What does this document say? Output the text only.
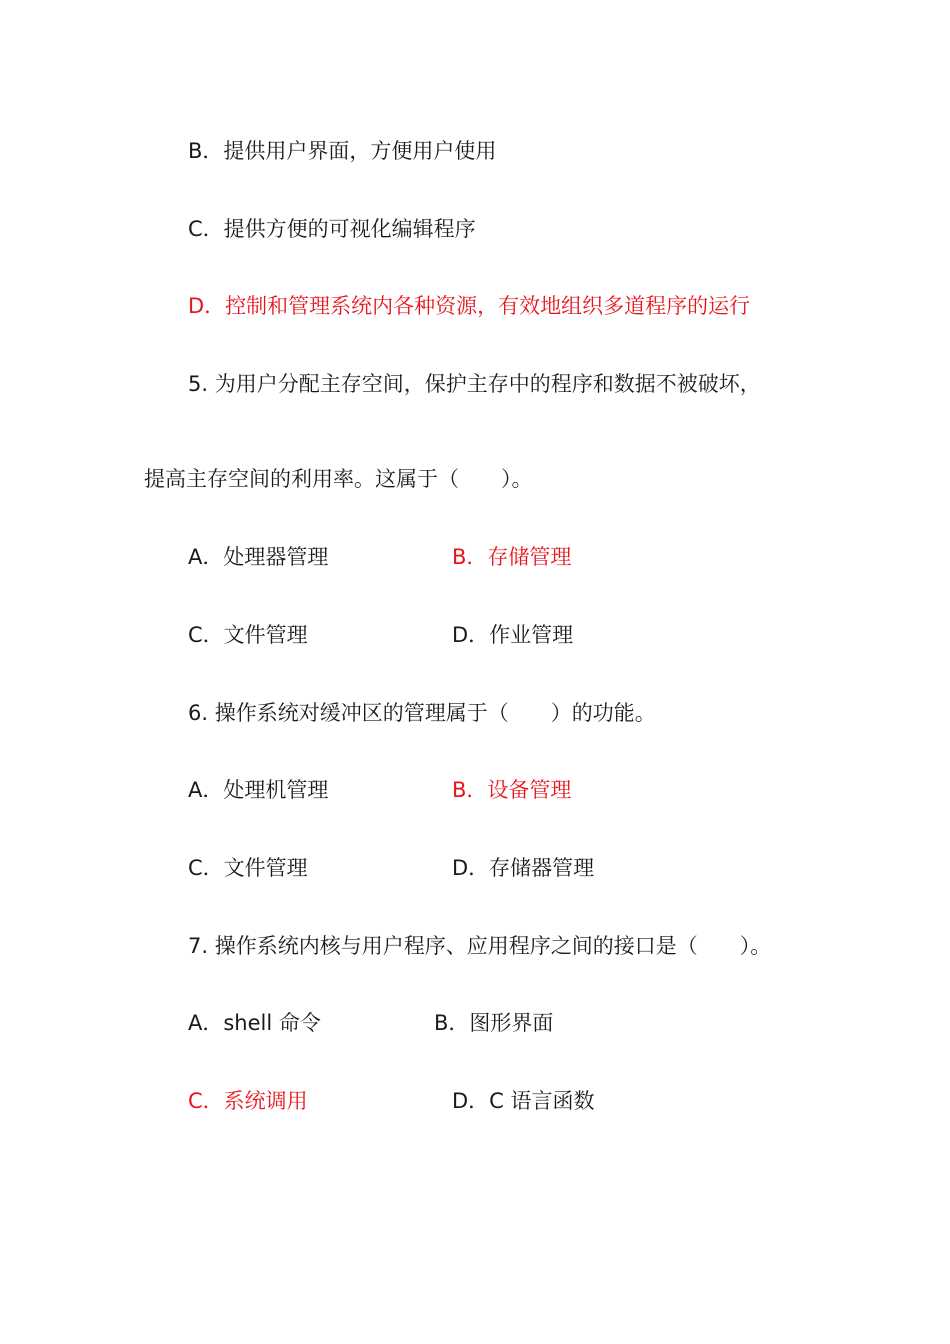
B．提供用户界面，方便用户使用
C．提供方便的可视化编辑程序
D．控制和管理系统内各种资源，有效地组织多道程序的运行
5. 为用户分配主存空间，保护主存中的程序和数据不被破坏，
提高主存空间的利用率。这属于（　　）。
A．处理器管理	B．存储管理
C．文件管理	D．作业管理
6. 操作系统对缓冲区的管理属于（　　）的功能。
A．处理机管理	B．设备管理
C．文件管理	D．存储器管理
7. 操作系统内核与用户程序、应用程序之间的接口是（　　）。
A．shell 命令	B．图形界面
C．系统调用	D．C 语言函数
